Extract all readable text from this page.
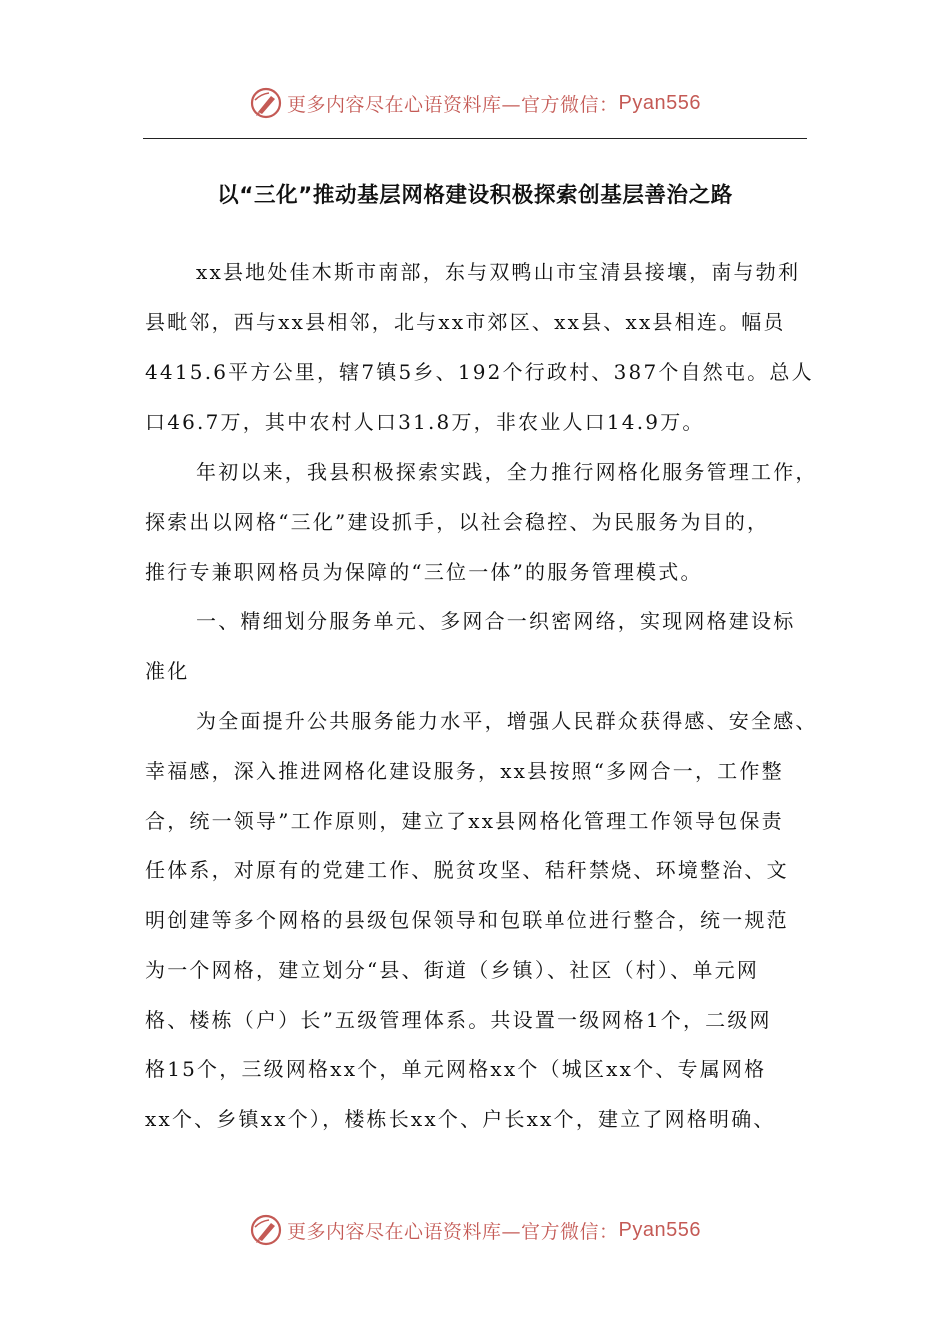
更多内容尽在心语资料库—官方微信： Pyan556
以“三化”推动基层网格建设积极探索创基层善治之路
xx县地处佳木斯市南部，东与双鸭山市宝清县接壤，南与勃利
县毗邻，西与xx县相邻，北与xx市郊区、xx县、xx县相连。幅员
4415.6平方公里，辖7镇5乡、192个行政村、387个自然屯。总人
口46.7万，其中农村人口31.8万，非农业人口14.9万。
年初以来，我县积极探索实践，全力推行网格化服务管理工作，
探索出以网格“三化”建设抓手，以社会稳控、为民服务为目的，
推行专兼职网格员为保障的“三位一体”的服务管理模式。
一、精细划分服务单元、多网合一织密网络，实现网格建设标
准化
为全面提升公共服务能力水平，增强人民群众获得感、安全感、
幸福感，深入推进网格化建设服务，xx县按照“多网合一，工作整
合，统一领导”工作原则，建立了xx县网格化管理工作领导包保责
任体系，对原有的党建工作、脱贫攻坚、秸秆禁烧、环境整治、文
明创建等多个网格的县级包保领导和包联单位进行整合，统一规范
为一个网格，建立划分“县、街道（乡镇）、社区（村）、单元网
格、楼栋（户）长”五级管理体系。共设置一级网格1个，二级网
格15个，三级网格xx个，单元网格xx个（城区xx个、专属网格
xx个、乡镇xx个），楼栋长xx个、户长xx个，建立了网格明确、
更多内容尽在心语资料库—官方微信： Pyan556
